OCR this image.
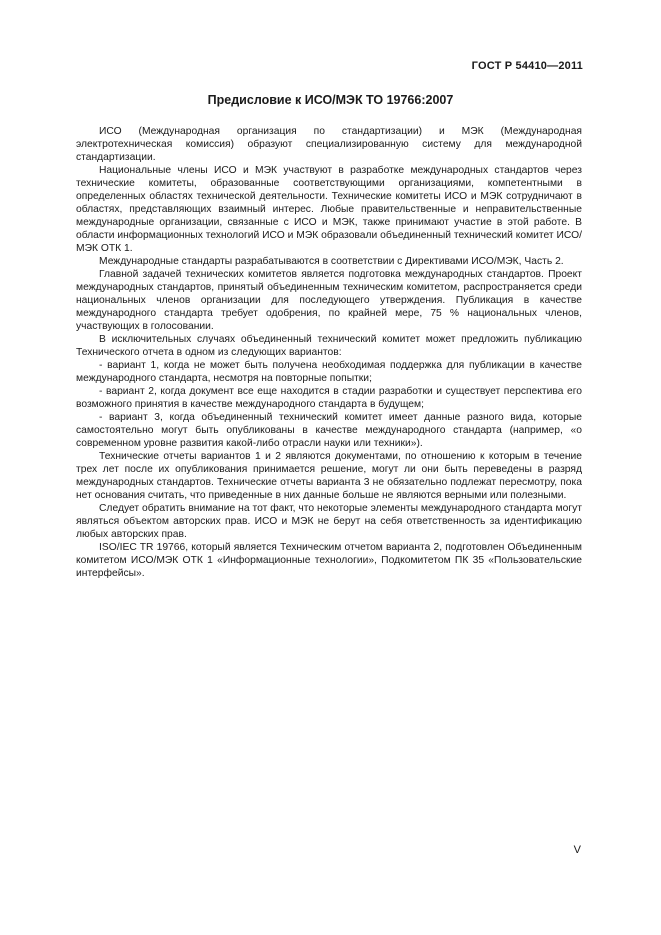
ГОСТ Р 54410—2011
Предисловие к ИСО/МЭК ТО 19766:2007

ИСО (Международная организация по стандартизации) и МЭК (Международная электротехническая комиссия) образуют специализированную систему для международной стандартизации.

Национальные члены ИСО и МЭК участвуют в разработке международных стандартов через технические комитеты, образованные соответствующими организациями, компетентными в определенных областях технической деятельности. Технические комитеты ИСО и МЭК сотрудничают в областях, представляющих взаимный интерес. Любые правительственные и неправительственные международные организации, связанные с ИСО и МЭК, также принимают участие в этой работе. В области информационных технологий ИСО и МЭК образовали объединенный технический комитет ИСО/МЭК ОТК 1.

Международные стандарты разрабатываются в соответствии с Директивами ИСО/МЭК, Часть 2.

Главной задачей технических комитетов является подготовка международных стандартов. Проект международных стандартов, принятый объединенным техническим комитетом, распространяется среди национальных членов организации для последующего утверждения. Публикация в качестве международного стандарта требует одобрения, по крайней мере, 75 % национальных членов, участвующих в голосовании.

В исключительных случаях объединенный технический комитет может предложить публикацию Технического отчета в одном из следующих вариантов:

- вариант 1, когда не может быть получена необходимая поддержка для публикации в качестве международного стандарта, несмотря на повторные попытки;

- вариант 2, когда документ все еще находится в стадии разработки и существует перспектива его возможного принятия в качестве международного стандарта в будущем;

- вариант 3, когда объединенный технический комитет имеет данные разного вида, которые самостоятельно могут быть опубликованы в качестве международного стандарта (например, «о современном уровне развития какой-либо отрасли науки или техники»).

Технические отчеты вариантов 1 и 2 являются документами, по отношению к которым в течение трех лет после их опубликования принимается решение, могут ли они быть переведены в разряд международных стандартов. Технические отчеты варианта 3 не обязательно подлежат пересмотру, пока нет основания считать, что приведенные в них данные больше не являются верными или полезными.

Следует обратить внимание на тот факт, что некоторые элементы международного стандарта могут являться объектом авторских прав. ИСО и МЭК не берут на себя ответственность за идентификацию любых авторских прав.

ISO/IEC TR 19766, который является Техническим отчетом варианта 2, подготовлен Объединенным комитетом ИСО/МЭК ОТК 1 «Информационные технологии», Подкомитетом ПК 35 «Пользовательские интерфейсы».

V
